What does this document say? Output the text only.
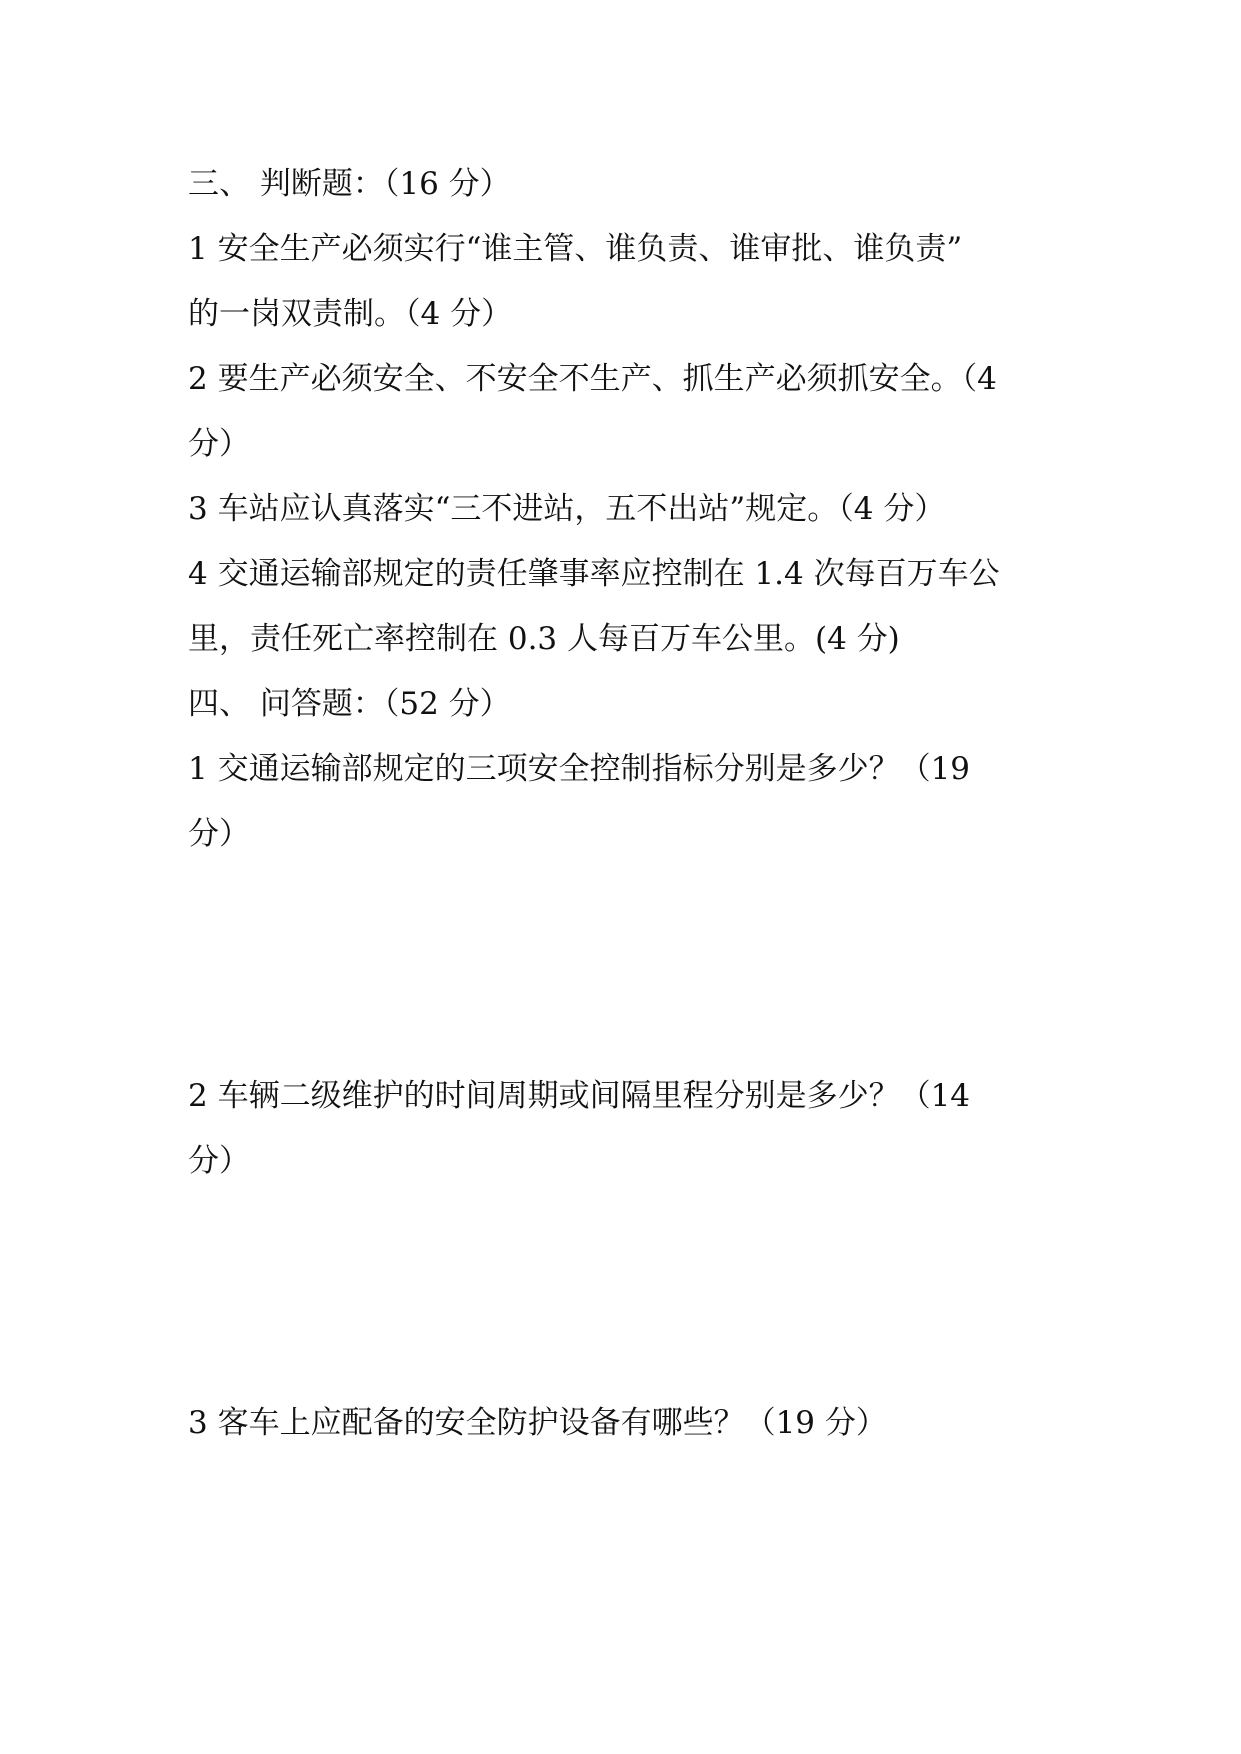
三、 判断题：（16 分）
1 安全生产必须实行“谁主管、谁负责、谁审批、谁负责”
的一岗双责制。（4 分）
2 要生产必须安全、不安全不生产、抓生产必须抓安全。（4
分）
3 车站应认真落实“三不进站，五不出站”规定。（4 分）
4 交通运输部规定的责任肇事率应控制在 1.4 次每百万车公
里，责任死亡率控制在 0.3 人每百万车公里。(4 分)
四、 问答题：（52 分）
1 交通运输部规定的三项安全控制指标分别是多少？（19
分）
2 车辆二级维护的时间周期或间隔里程分别是多少？（14
分）
3 客车上应配备的安全防护设备有哪些？（19 分）
